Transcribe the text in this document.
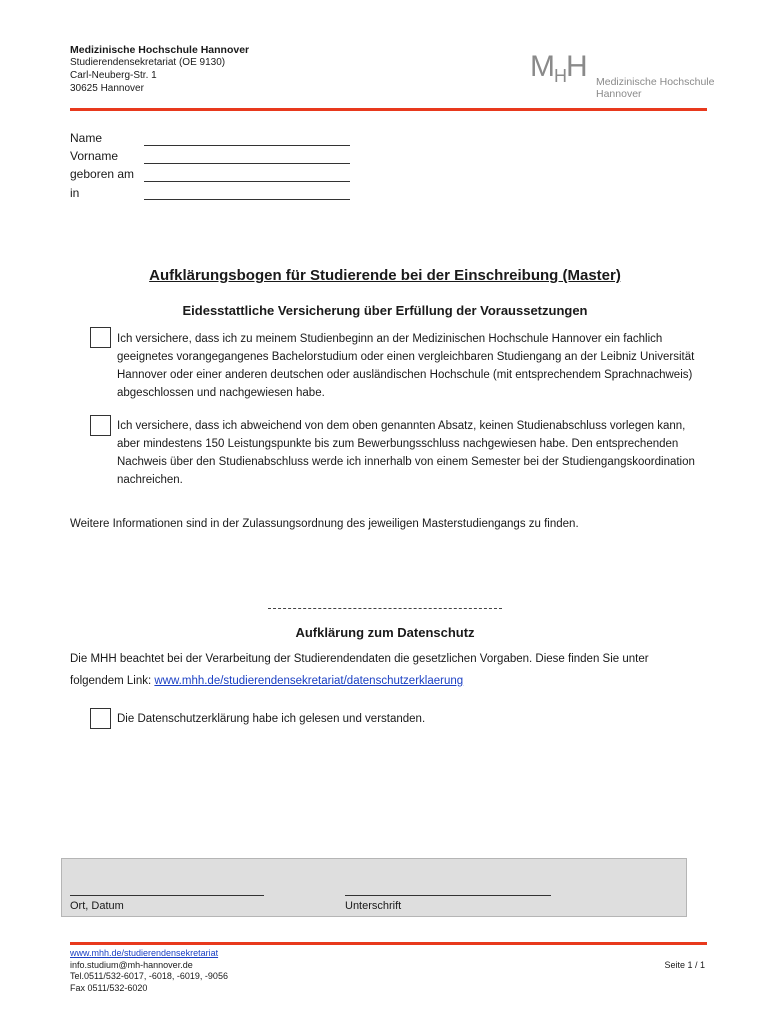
Medizinische Hochschule Hannover
Studierendensekretariat (OE 9130)
Carl-Neuberg-Str. 1
30625 Hannover
$M_HH$ Medizinische Hochschule
Hannover
Name
Vorname
geboren am
in
Aufklärungsbogen für Studierende bei der Einschreibung (Master)
Eidesstattliche Versicherung über Erfüllung der Voraussetzungen
Ich versichere, dass ich zu meinem Studienbeginn an der Medizinischen Hochschule Hannover ein fachlich
geeignetes vorangegangenes Bachelorstudium oder einen vergleichbaren Studiengang an der Leibniz Universität
Hannover oder einer anderen deutschen oder ausländischen Hochschule (mit entsprechendem Sprachnachweis)
abgeschlossen und nachgewiesen habe.
Ich versichere, dass ich abweichend von dem oben genannten Absatz, keinen Studienabschluss vorlegen kann,
aber mindestens 150 Leistungspunkte bis zum Bewerbungsschluss nachgewiesen habe. Den entsprechenden
Nachweis über den Studienabschluss werde ich innerhalb von einem Semester bei der Studiengangskoordination
nachreichen.
Weitere Informationen sind in der Zulassungsordnung des jeweiligen Masterstudiengangs zu finden.
Aufklärung zum Datenschutz
Die MHH beachtet bei der Verarbeitung der Studierendendaten die gesetzlichen Vorgaben. Diese finden Sie unter
folgendem Link: www.mhh.de/studierendensekretariat/datenschutzerklaerung
Die Datenschutzerklärung habe ich gelesen und verstanden.
Ort, Datum	Unterschrift
www.mhh.de/studierendensekretariat
info.studium@mh-hannover.de
Tel.0511/532-6017, -6018, -6019, -9056
Fax 0511/532-6020
Seite 1 / 1
